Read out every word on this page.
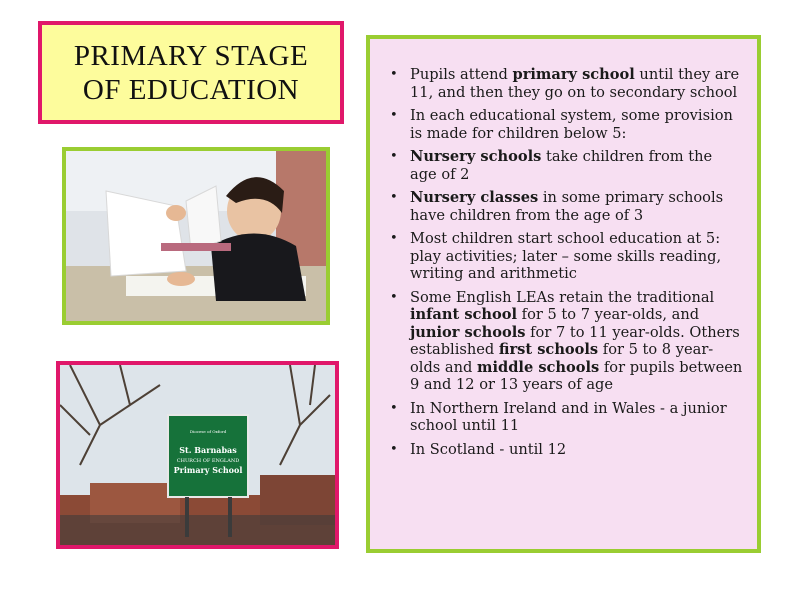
PRIMARY STAGE
OF EDUCATION
Diocese of Oxford
St. Barnabas
CHURCH OF ENGLAND
Primary School
• Pupils attend primary school until they are 11, and then they go on to secondary school
• In each educational system, some provision is made for children below 5:
• Nursery schools take children from the age of 2
• Nursery classes in some primary schools have children from the age of 3
• Most children start school education at 5: play activities; later – some skills reading, writing and arithmetic
• Some English LEAs retain the traditional infant school for 5 to 7 year-olds, and junior schools for 7 to 11 year-olds. Others established first schools for 5 to 8 year-olds and middle schools for pupils between 9 and 12 or 13 years of age
• In Northern Ireland and in Wales - a junior school until 11
• In Scotland - until 12
